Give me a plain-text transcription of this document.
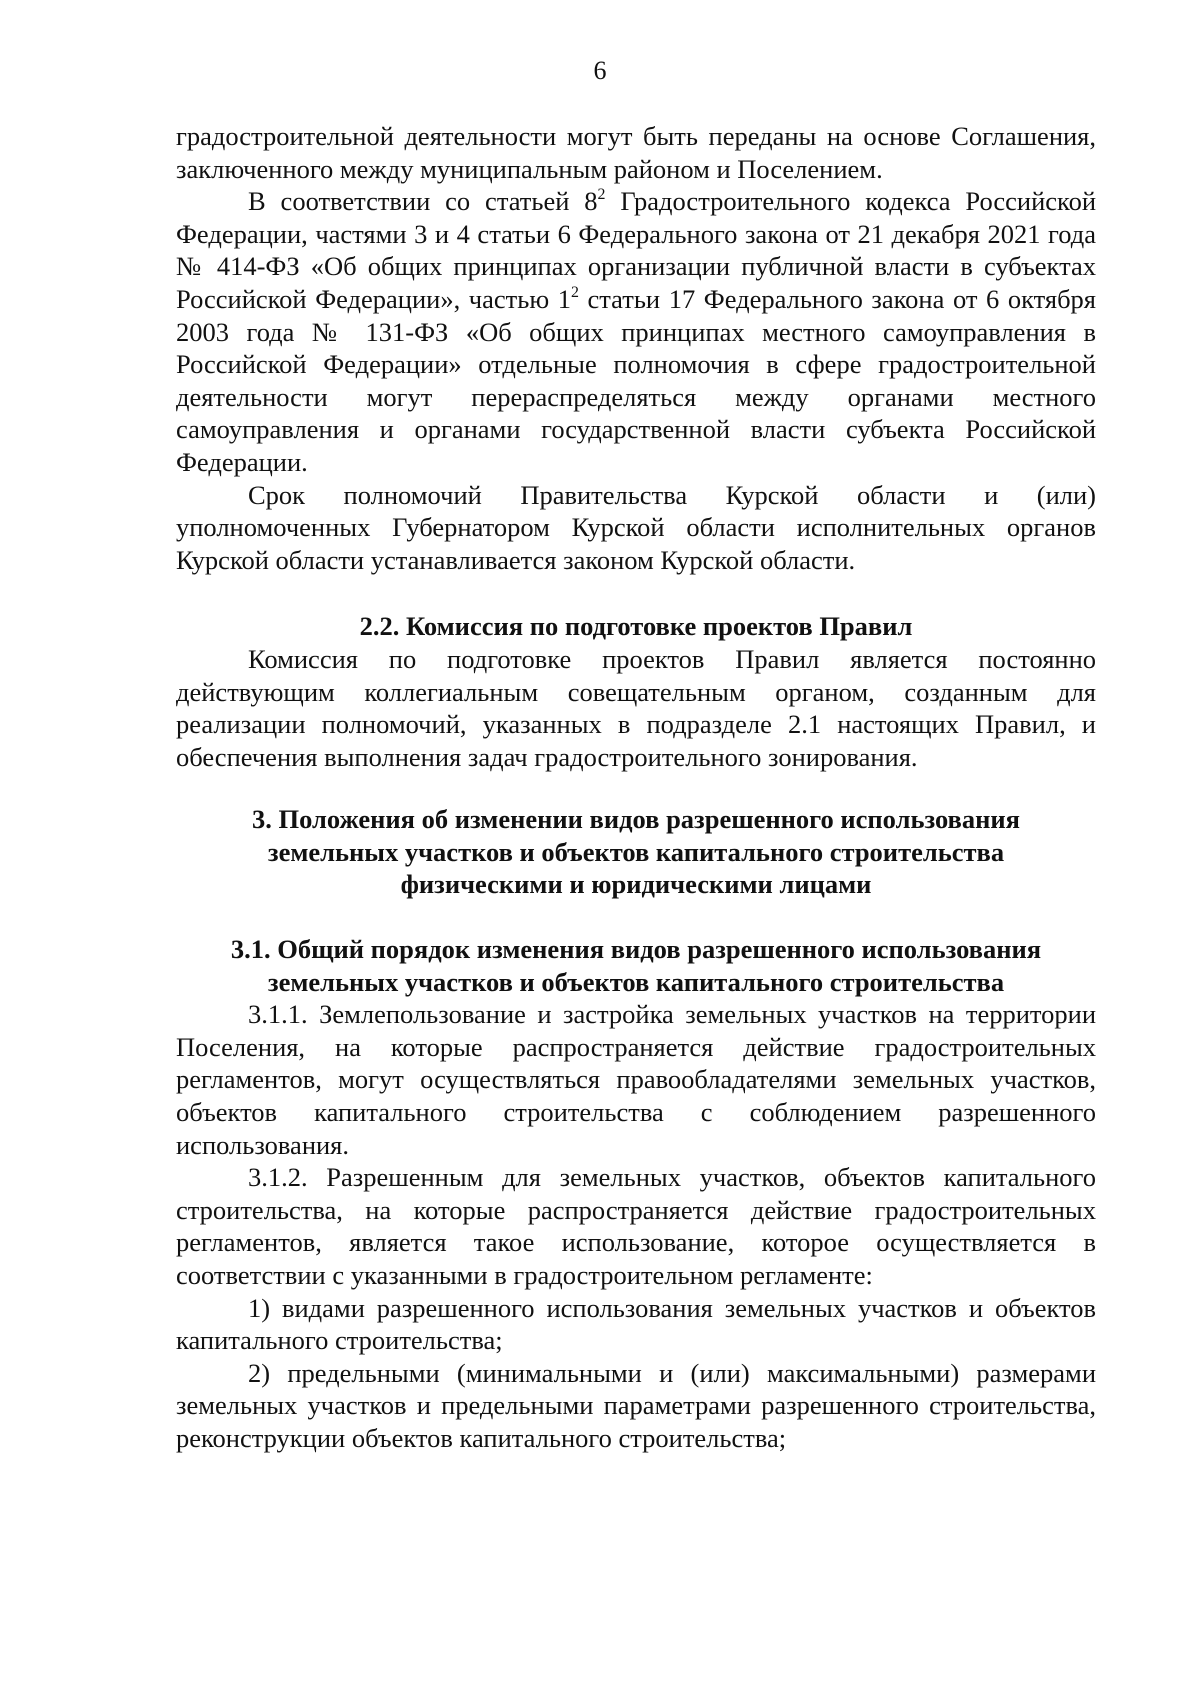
6

градостроительной деятельности могут быть переданы на основе Соглашения, заключенного между муниципальным районом и Поселением.

В соответствии со статьей $8^2$ Градостроительного кодекса Российской Федерации, частями 3 и 4 статьи 6 Федерального закона от 21 декабря 2021 года № 414-ФЗ «Об общих принципах организации публичной власти в субъектах Российской Федерации», частью $1^2$ статьи 17 Федерального закона от 6 октября 2003 года № 131-ФЗ «Об общих принципах местного самоуправления в Российской Федерации» отдельные полномочия в сфере градостроительной деятельности могут перераспределяться между органами местного самоуправления и органами государственной власти субъекта Российской Федерации.

Срок полномочий Правительства Курской области и (или) уполномоченных Губернатором Курской области исполнительных органов Курской области устанавливается законом Курской области.

2.2. Комиссия по подготовке проектов Правил

Комиссия по подготовке проектов Правил является постоянно действующим коллегиальным совещательным органом, созданным для реализации полномочий, указанных в подразделе 2.1 настоящих Правил, и обеспечения выполнения задач градостроительного зонирования.

3. Положения об изменении видов разрешенного использования
земельных участков и объектов капитального строительства
физическими и юридическими лицами
3.1. Общий порядок изменения видов разрешенного использования
земельных участков и объектов капитального строительства

3.1.1. Землепользование и застройка земельных участков на территории Поселения, на которые распространяется действие градостроительных регламентов, могут осуществляться правообладателями земельных участков, объектов капитального строительства с соблюдением разрешенного использования.

3.1.2. Разрешенным для земельных участков, объектов капитального строительства, на которые распространяется действие градостроительных регламентов, является такое использование, которое осуществляется в соответствии с указанными в градостроительном регламенте:

1) видами разрешенного использования земельных участков и объектов капитального строительства;

2) предельными (минимальными и (или) максимальными) размерами земельных участков и предельными параметрами разрешенного строительства, реконструкции объектов капитального строительства;
